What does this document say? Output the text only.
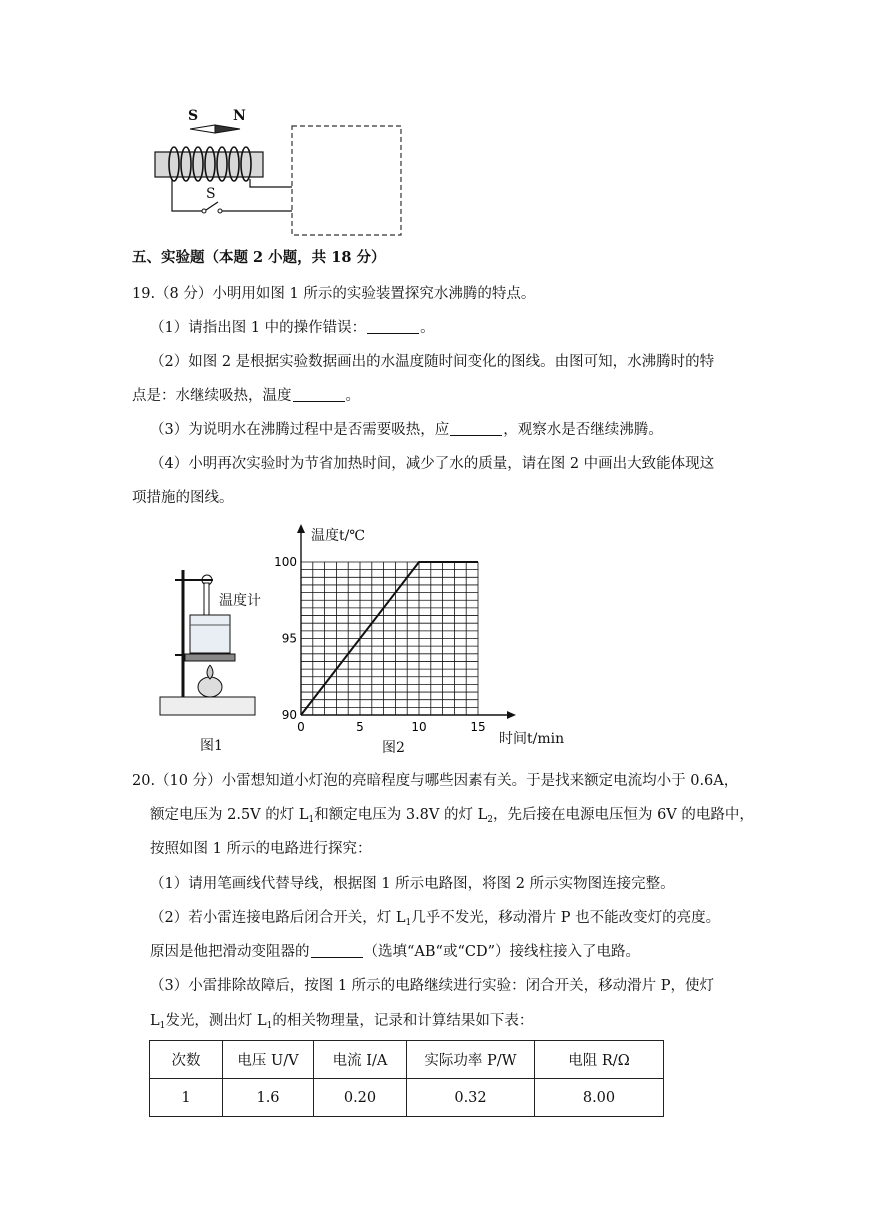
S N
S
五、实验题（本题 2 小题，共 18 分）
19.（8 分）小明用如图 1 所示的实验装置探究水沸腾的特点。
（1）请指出图 1 中的操作错误：	。
（2）如图 2 是根据实验数据画出的水温度随时间变化的图线。由图可知，水沸腾时的特
点是：水继续吸热，温度	。
（3）为说明水在沸腾过程中是否需要吸热，应	，观察水是否继续沸腾。
（4）小明再次实验时为节省加热时间，减少了水的质量，请在图 2 中画出大致能体现这
项措施的图线。
温度计
图1
0	5	10	15
90
95
100
温度t/℃
时间t/min
图2
20.（10 分）小雷想知道小灯泡的亮暗程度与哪些因素有关。于是找来额定电流均小于 0.6A，
额定电压为 2.5V 的灯 $L_1$和额定电压为 3.8V 的灯 $L_2$，先后接在电源电压恒为 6V 的电路中，
按照如图 1 所示的电路进行探究：
（1）请用笔画线代替导线，根据图 1 所示电路图，将图 2 所示实物图连接完整。
（2）若小雷连接电路后闭合开关，灯 $L_1$几乎不发光，移动滑片 P 也不能改变灯的亮度。
原因是他把滑动变阻器的	（选填“AB“或“CD”）接线柱接入了电路。
（3）小雷排除故障后，按图 1 所示的电路继续进行实验：闭合开关，移动滑片 P，使灯
$L_1$发光，测出灯 $L_1$的相关物理量，记录和计算结果如下表：
次数	电压 U/V	电流 I/A	实际功率 P/W	电阻 R/Ω
1	1.6	0.20	0.32	8.00
